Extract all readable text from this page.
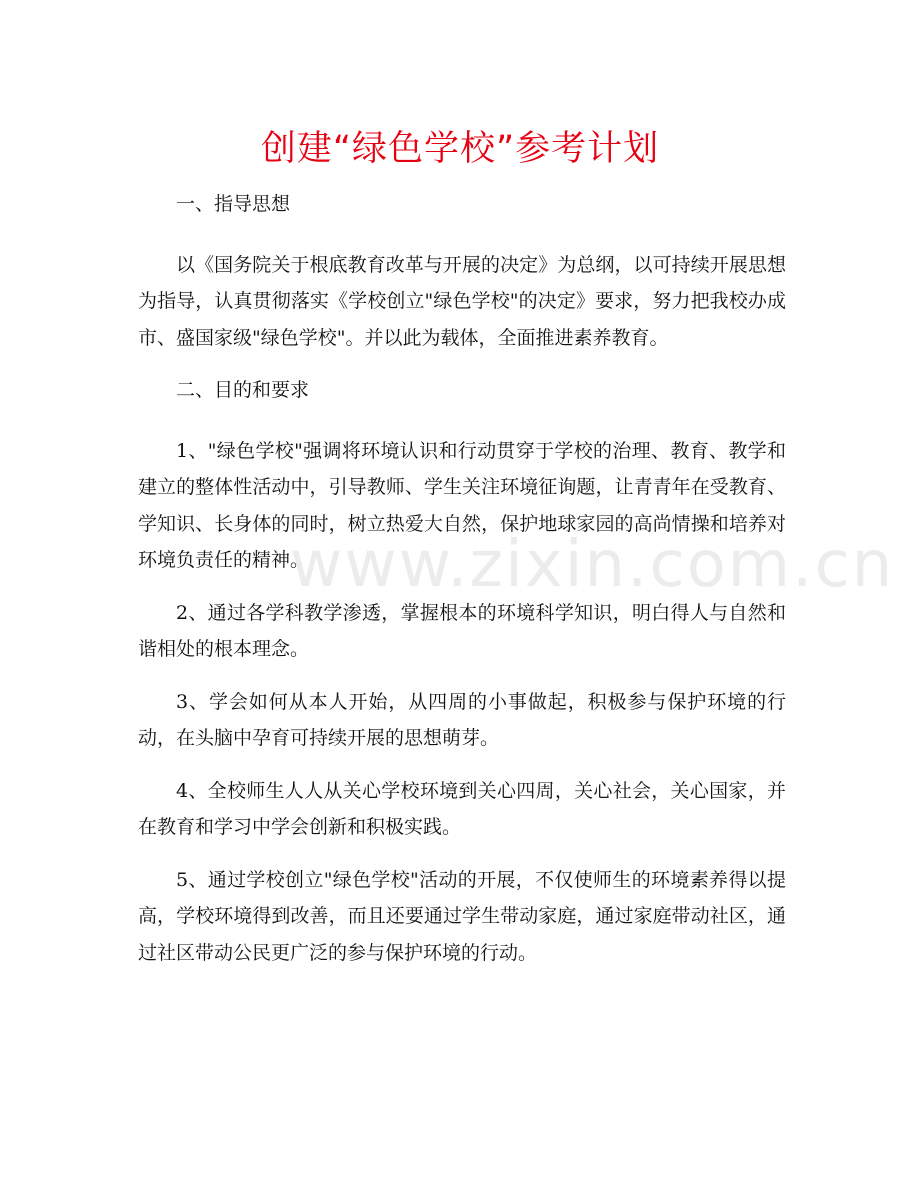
创建“绿色学校”参考计划
www.zixin.com.cn

一、指导思想

以《国务院关于根底教育改革与开展的决定》为总纲，以可持续开展思想为指导，认真贯彻落实《学校创立"绿色学校"的决定》要求，努力把我校办成市、盛国家级"绿色学校"。并以此为载体，全面推进素养教育。

二、目的和要求

1、"绿色学校"强调将环境认识和行动贯穿于学校的治理、教育、教学和建立的整体性活动中，引导教师、学生关注环境征询题，让青青年在受教育、学知识、长身体的同时，树立热爱大自然，保护地球家园的高尚情操和培养对环境负责任的精神。

2、通过各学科教学渗透，掌握根本的环境科学知识，明白得人与自然和谐相处的根本理念。

3、学会如何从本人开始，从四周的小事做起，积极参与保护环境的行动，在头脑中孕育可持续开展的思想萌芽。

4、全校师生人人从关心学校环境到关心四周，关心社会，关心国家，并在教育和学习中学会创新和积极实践。

5、通过学校创立"绿色学校"活动的开展，不仅使师生的环境素养得以提高，学校环境得到改善，而且还要通过学生带动家庭，通过家庭带动社区，通过社区带动公民更广泛的参与保护环境的行动。
